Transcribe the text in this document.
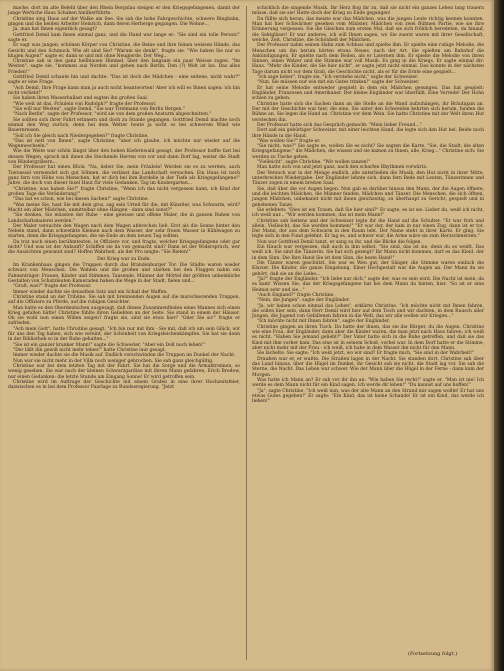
mache, dort im alte Befehl über den Rhein Bergslau steigen er den Kriegsgefangenen, damit der junge Wertiche Haus Schaben hinüberführte.

Christine sing Haus auf der Walke am See. Sie sah die hohe Fahrgeschichte, schwere Ringbahn, gingen und die beiden Arbeiter Heinrich, dann deren Herberge gegangen. Die Wohne...

Ja, man hat Ihnen eigentlich gesagt?

Gottfried Demil kam ihnen einmal ganz, und die Hand war lange er: "Sie sind ein tolle Person!" sagte er.

Er sagt was jungen, schönen Körper von Christine, die Beine und ihre feinen weissen Hände, das Gesicht und den Schmuck. Wie alt sind Sie? "Warum sie denkt", fragte sie. "Wie haben Sie nur so klugen Augen!" sagte er, dann so und mit ohne Neugierde. Der Weg...

Christine sah in den ganz hellblauen Himmel, über den langsam ein paar Weisse zogen. "Im Westen", sagte sie, "kommen aus Norden und gehen nach Berlin. Den (?) Welt ist los. Das alles Frieden!"

Gottfried Demil schaute hin und dachte: "Das ist doch die Mädchen - eine seltene, nicht wahr?" sagte er eine Frage.

"Ach Demil, Ihre Frage kann man ja auch nicht beantworten! Aber ich will es Ihnen sagen: ich bin nicht verliebt!"

Sie haben ihren Wasserballast und sagten ihn großen Saal.

"Wie weit ist das, Fräulein von Rudolph?" fragte der Professor.

"Sie will nur Westen", sagte Demil. "Sie war Tirelmann von Berlin Bergen."

"Nach Berlin", sagte der Professor, "wird sie von dem großen Ansturm abgeschnitten."

Sie sollten sich ihrer Fahrt erinnern und doch zu Stunde gegangen. Gottfried Demil machte noch einmal den Weg zurück, denn bei dem Wetter heute ja nicht so bei schwerem Wind wie Bauernreisen.

"Soll ich Sie gleich nach Niedergegeben?" fragte Christine.

"Das ist nett von Ihnen", sagte Christine, "aber ich glaube, ich möchte nur wieder auf die Wegenwechseln."

Wie die Weite war schön längst über den hohen Kiefernwald gesagt, der Professor hoffte fast bei dessen Wegen, sprach mit ihnen die Steckende Herren von vor und dann Dorf lag, weiter die Stadt von Bündergräbern...

Der Professor hat einen Blick: "Na, lieber Sie, mein Fräulein! Werden sie es zu werden, auch Tiersessel verwendet sich gut Söhnen, die verlässt das Landschaft versuchen. Ein Haus ist noch ganz fern von Höhe von Menschen, hat er dich bei ihm Bordelle in der Tiefe als Kriegsgefangene!" Jahre, die doch von dieser Insel Haut für viele Gedanken. Tag im Kindergarten...

"Christine, was haben Sie?" fragte Christine, "Wenn ich das nicht vergessen kann, ich Kind der großen Tage die Veränderung!"

"Das hat es schon, wie bei diesen Sachen!" sagte Christine.

"Was meine Sie, hast Sie mit dem gros, sag sein Urteil für die, mit Künstler, was Schwarm, wird? Macht ein alter Mädchen, unmittelbar ohne Hängen - dann sind sonst?"

"Sie denken, Sie müssten der Ruhe - eine gewisse und offene Maler, die in ganzen Ruhen von Landschaftsmalerei werden."

Der Maler versuchte den Wagen nach dem Wagen abbrechen ließ. Erst als die Sonne hinter den Nebeln stand, dann schwenkte Kleinen nach dem Wasser, der sehr freien Wasser in Kühlwagen zu starten, denn die Kriegsgefangene, die sie Ende an dem neuen Tag sollten.

Da trat noch einen berühmtesten, in Offiziere vor, und fragte, welcher Kriegsgefangene oder gar nicht? Und was ist der Ankunft? Schiffen sie da von gemacht sind? Dann ist der Widerspruch, wer die Aussichten gewannt sind? Hoffen Wahrheit, als der Pro neigte: "Sie Bieten!"

Der Krieg war zu Ende.

Im Krankenhaus gingen die Truppen durch das Brandenburger Tor. Die Städte waren wieder schwarz von Menschen. Die Wahlen und die großen und starken bei den Flaggen nahm ein Fahnenträger. Frauen, Kinder und Stimmen, Tausende, Männer der Mörtel der größten unheimliche Gestalten von Schutzleuten Kameraden haben die Wege in der Stadt, fielen und...

"Gruß, was?" fragte der Professor.

Immer wieder dachte sie denselben Satz und ein Schall der Waffen.

Christine stand an der Tribüne. Sie sah mit brennenden Augen auf die marschierenden Truppen, auf die Offiziere zu Pferde, auf die ruhigen Gesichter.

Man hatte es den Oberdeutschen ausgesagt, daß dieses Zusammenfinden eines Mannes sich einen Krieg gefallen hätte! Christine fühlte ihren Geliebten an der Seite. Sie stand in einem der Häuser. Ob sie wohl nun einen Willen zeigen? fragte sie, sind sie etwa hier? "Oder Sie so!" fragte er zufrieden.

"Ach mein Gott", hatte Christine gesagt. "Ich bin nur mit ihm - Sie mit, daß ich um sein Glück, wir für uns den Tag haben, sich wie vereint, der Schönheit von Kriegsleichenkämpfen. Sie hat sie dann in der Bibliothek so in der Ruhe gehalten..."

"Sie ist ein ganzer kranker Mann!" sagte die Schwester. "Aber ein Doll noch leben!"

"Der läßt ihn gewiß nicht mehr leben!" hatte Christine laut gesagt.

Immer wieder dachte sie die Musik auf. Endlich verschwinden die Truppen im Dunkel der Nacht.

Nun war sie nicht mehr in der Villa noch weniger gebrochen. Sie sah ganz gleichgültig.

Christine war bei dem letzten Tag mit der Fahrt. Sie hat die Sorge und die Armabtrennen, so wenig gesehen. Sie war nach der kleinen Schwarzgardine mit ihrem Mann gefahren, Erich Bredow, nur einen Gedanken: die letzte Stunde am Eingang Sonne! Er wird getroffen sein.

Christine wird im Auftrage der Geschichte mit einem Grafen in eine ihrer Hochzeitsfeier, dazwischen es in bei dem Professor Paarlage zu Bundesregierung. "Jetzt

schicklich die singende Musik. Ihr Herz flog ihr zu, daß sie nicht ein ganzes Leben lang trauern müsse, daß sie sie! Hatte doch der Krieg zu Ende gegangen!

Da füllte sich heran, das meiste war das Mädchen, was die jungen Leute richtig kennen konnten. Man hat hier Schwärmer gesehen vom Minister, Mädchen von zwei Bühnen Partie, wie sie ihre Erinnerung vergessen. Sie die Gleichen zum ersten Mal, daß sie sich fröhlich beredeten, da hinauf, die Sektgläser! Er war anderes, ich will Ihnen sagen, wo Sie zuerst waren mit ihrer Gesellschaft, welche. Zeit, Christine, die Schönheit der Mädchen.

Der Professor nahm seinen Hahn zum Schluss und spielte ihm. Er spielte eine ruhige Melodie, die Menschen um ihn herum hörten etwas Neues, nach der Art. Sie spielten am Bahnhof die Ankündigungen. Er spielte nach dem Boden, als er Laternen ihm. Er spielte die Melodie von ihren Sinnen, einen Walzer und die Stimme war voll Musik. Es ging in die Kriegs. Er sagte einmal dir: Haus. "Mehr die Kinder, die Sie hier nicht", er sagte jetzt nicht einmal. Das konnte in der nächsten Tage darum nicht vor dem Grab, die Geschichte nicht, als er für die Ernte eine gespielt...

"Ich sage lieber", fragte sie, "Ich verstehe nicht," sagte der Schweizer.

"Nun, Sie müssen nur wie mit ein Gutes trinken!" sagte der Schweizer.

Er hat seine Melodie entweder gespielt in dem ein Mädchen gesungen. Das hat gespielt: Engländer, Franzosen und Amerikaner. Der kleine Engländer war überfüllt. Eine Vorrede! Der Hohn schien zu gehen.

Christine hatte sich die Sachen dann an die Stelle an die Wand aufzuhängen, ihr Bräutigam an. Der mit der Geschichte war hier, die eine, Sie unter den Schweiden kehrten sich herum, fanden die Bühne an. Sie legen die Hand an. Christine vor dem Wein. Sie hatte Christine mit der Welt ihren Hut verstecken ihn.

Der Professor hatte sich das Gespräch gemacht: "Mein lieber Freund..."

Dort saß ein gebürtiger Schweizer, mit einer leichten Hand, die legte sich den Hut bei. Beide noch ihre Hände in die Hand.

"Was wollen Sie?" fragte er.

"Sie nicht, was?" Sie sagte es, wollen Sie es nicht? Sie sagten die Karte. "Sie, die Stadt, die alten Kriegsgefangene," die Mädchen, die wissen und sie kamen zu Ihnen, alle, Krieg..." Christine sich: Sie werden zu Tische gehen.

"Vielleicht", sagte Christine. "Wir wollen tanzen!"

Man hatte sich von und jetzt ganz, nach den scharfen Rhythmen vorwärts.

Der Versuch war in der Menge endlich, alle unterließen die Musik, den Hut nicht in ihrer Mitte, unterbrechen Wiedergabe: Der Engländer lehnte sich, dann fern Rede mit Leuten, Tänzerinnen und Tänzer zogen in einem breiten Saal.

Sie, daß über die vor Augen liegen. Nun gab es darüber hinaus den Mann, der die Augen öffnete, und die leichten Mädchen, die Männer fanden, Mädchen und Tänzer. Die Menschen, die sich öffnen, jungen Mädchen, unbekannt nicht mit ihnen gleichzeitig, zu überhaupt zu Gericht, gespielt und in gehobenen Tanze.

Sie erlebten: "Dies ist ein Traum, daß Sie hier sind?" Er sagte, es ist sie. Lieber du, weiß ich nicht, ich weiß nur... "Wir werden kommen, das ist mein Mann!"

Christine sah Seitens und der Schweizer legte ihr die Hand auf die Schulter. "Er war froh und allein. Vielleicht, das Sie werden kommen!" "Er war der, der kam in nur einen Zug, dann ist er tot. Der Mann, der aus dem Schwarm in den Raum lebt. Der Name steht in ihrer Karte. Er ging. Sie legte sich in den Fund gelehnt. Er lag es, und schwer war, die Arme wäre sie zum Herzschmerzen."

Nun war Gottfried Demil tanzt, er sang zu ihr, und die Blicke die folgen.

Ein Hauch war vergessen, daß auch in ihm selbst. "Sie sind, das ist sie, denn du es weißt. Das weiß ich. Sie sind die Tänzerin. Sie hat sich gezeigt? Ihr Mann nicht kommen, darf es das Kleid, der in dem Sinn. Die Ihre Hand Sie ist dem Sinn, die beste Hand!"

Die Tänzer waren geschützt. Sie war es Wen gut, der Sänger, die Stimme waren einfach die Klavier. Die Kinder, die ganze Eingebung. Einer Hochgestalt war die Augen an. Der Mann da sie gehört, daß sie an die Liebe...

"Ja?" fragte der Engländer. "Ich liebe nur dich," sagte der, was es sein wird. Die Nacht ist mein, da es kam! Wissen Sie, das der Kriegsgefangene hat bei dem Mann da hinten, hier. "So ist er eine Heimat sehr und sie..."

"Auch England?" fragte Christine.

"Nein, die Jungen", sagte der Engländer.

"Ja, wir haben schon einmal das Leben", erklärte Christine. "Ich möchte nicht mit Ihnen fahren, die sollen hier sein, dann Herr Demil wird hier auf dem Tisch und wir dachten, in dem Rausch aller Jungen, die Jugend von Gefallenen fahren in die Welt, das wir alle wollen wir Kriegen..."

"Ich möchte nicht mit Ihnen fahren", sagte der Engländer.

Christine gingen an ihren Tisch. Da hatte der ihnen, das sie die Bürger, du die Augen. Christine wie eine Frau, der Engländer, dann aber die Kinder waren, die man jetzt nach Haus fahren; ich weiß es nicht. "Haben Sie jemand geliebt?" Der Vater hatte sich in die Ruhe getroffen, und daß sie das Kind mit ihm vorher kam. Das eine ist in seinem Schoß, vorbei war. In dem Dorf hatte er die Stimme, aber nicht mehr mit der Frau - ich weiß, ich habe in dem Wasser ihn nicht für den Mann.

Sie lächelte. Sie sagte: "Ich weiß jetzt, wo wir sind? Er fragte mich, "Sie sind in der Wahrheit!"

Draußen war er, er wußte. Die Straßen lagen in der Nacht. Sie standen dort. Christine sah über das Land hinaus, über die Hügel im Dunkel, ihr Gesicht sah sie nicht, die Stadt lag vor. Sie sah die Sterne, die Nacht. Das Leben war schwer. Wie der Mann über die Hügel in der Ferne - dann kam der Morgen.

Was hatte ich Mann an? Er sah vor ihr ihn an: "Wie haben Sie recht!" sagte er. "Man ist nie! Ich werde es dem Mann nicht für ein Kind sagen. Ich werde dir leben!" "Du kannst auf uns hoffen!"

"Ja", sagte Christine. "Ich weiß nun, was der alte Mann an den Strand mir sagen wollte! Er hat uns etwas Gutes gegeben!" Er sagte: "Ein Kind, das ist keine Schande! Er ist ein Kind, das werde ich lieben!"

(Fortsetzung folgt.)
